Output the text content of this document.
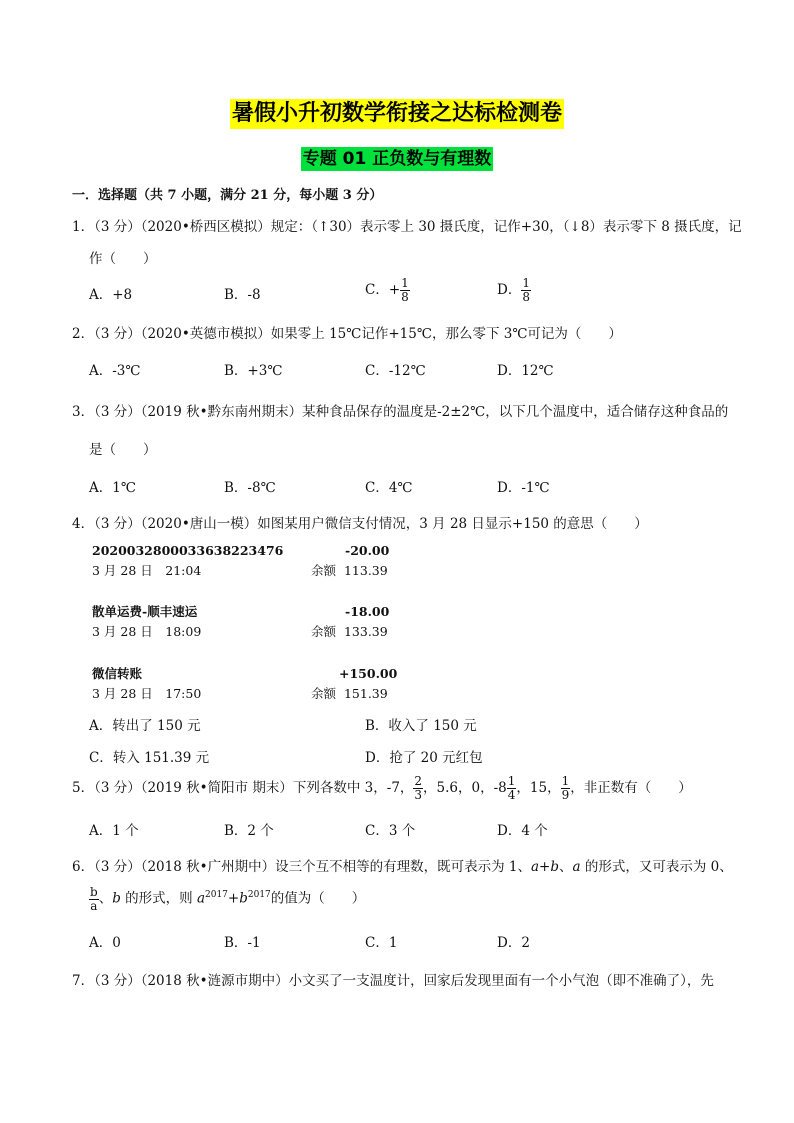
暑假小升初数学衔接之达标检测卷
专题 01 正负数与有理数
一．选择题（共 7 小题，满分 21 分，每小题 3 分）
1．（3 分）（2020•桥西区模拟）规定：（↑30）表示零上 30 摄氏度，记作+30，（↓8）表示零下 8 摄氏度，记
作（　　）
A．+8	B．-8	C．+ $\frac{1}{8}$	D． $\frac{1}{8}$
2．（3 分）（2020•英德市模拟）如果零上 15℃记作+15℃，那么零下 3℃可记为（　　）
A．-3℃	B．+3℃	C．-12℃	D．12℃
3．（3 分）（2019 秋•黔东南州期末）某种食品保存的温度是-2±2℃，以下几个温度中，适合储存这种食品的
是（　　）
A．1℃	B．-8℃	C．4℃	D．-1℃
4．（3 分）（2020•唐山一模）如图某用户微信支付情况，3 月 28 日显示+150 的意思（　　）
2020032800033638223476	-20.00
3 月 28 日　21:04	余额 113.39
散单运费-顺丰速运	-18.00
3 月 28 日　18:09	余额 133.39
微信转账	+150.00
3 月 28 日　17:50	余额 151.39
A．转出了 150 元	B．收入了 150 元
C．转入 151.39 元	D．抢了 20 元红包
5．（3 分）（2019 秋•简阳市 期末）下列各数中 3，-7， $\frac{2}{3}$ ，5.6，0，$-8 \frac{1}{4}$ ，15， $\frac{1}{9}$ ，非正数有（　　）
A．1 个	B．2 个	C．3 个	D．4 个
6．（3 分）（2018 秋•广州期中）设三个互不相等的有理数，既可表示为 1、a+b、a 的形式，又可表示为 0、
$\frac{b}{a}$ 、b 的形式，则 $a^{2017}+b^{2017}$的值为（　　）
A．0	B．-1	C．1	D．2
7．（3 分）（2018 秋•涟源市期中）小文买了一支温度计，回家后发现里面有一个小气泡（即不准确了），先
